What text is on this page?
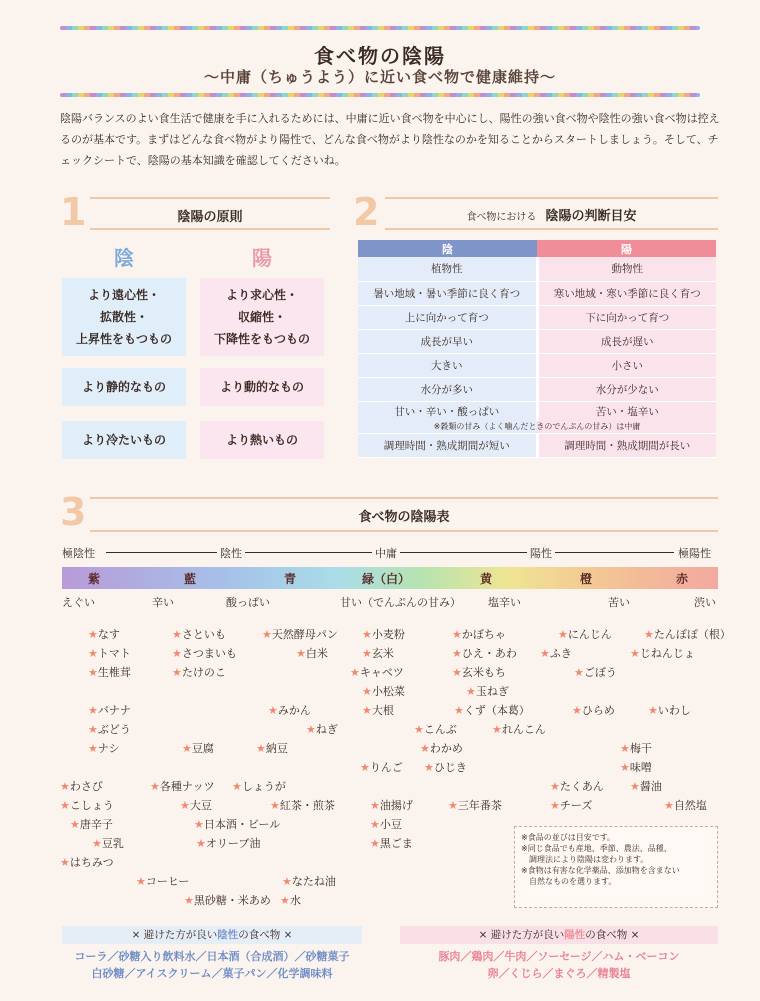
食べ物の陰陽
〜中庸（ちゅうよう）に近い食べ物で健康維持〜
陰陽バランスのよい食生活で健康を手に入れるためには、中庸に近い食べ物を中心にし、陽性の強い食べ物や陰性の強い食べ物は控えるのが基本です。まずはどんな食べ物がより陽性で、どんな食べ物がより陰性なのかを知ることからスタートしましょう。そして、チェックシートで、陰陽の基本知識を確認してくださいね。
1	陰陽の原則
陰	陽
より遠心性・
拡散性・
上昇性をもつもの
より求心性・
収縮性・
下降性をもつもの
より静的なもの	より動的なもの
より冷たいもの	より熱いもの
2	食べ物における 陰陽の判断目安
陰	陽
植物性	動物性
暑い地域・暑い季節に良く育つ	寒い地域・寒い季節に良く育つ
上に向かって育つ	下に向かって育つ
成長が早い	成長が遅い
大きい	小さい
水分が多い	水分が少ない
甘い・辛い・酸っぱい	苦い・塩辛い
※穀類の甘み（よく噛んだときのでんぷんの甘み）は中庸	
調理時間・熟成期間が短い	調理時間・熟成期間が長い
3	食べ物の陰陽表
極陰性	陰性	中庸	陽性	極陽性
紫	藍	青	緑（白）	黄	橙	赤
えぐい	辛い	酸っぱい	甘い（でんぷんの甘み） 塩辛い	苦い	渋い
★なす
★トマト
★生椎茸
★さといも
★さつまいも
★たけのこ
★天然酵母パン
★白米
★小麦粉
★玄米
★キャベツ
★小松菜
★かぼちゃ
★ひえ・あわ
★玄米もち
★玉ねぎ
★にんじん
★ふき
★ごぼう
★たんぽぽ（根）
★じねんじょ
★バナナ
★ぶどう
★ナシ
★みかん
★ねぎ
★大根	★くず（本葛）
★こんぶ	★れんこん
★ひらめ	★いわし
★豆腐	★納豆	★わかめ	★梅干
★りんご ★ひじき	★味噌
★わさび	★各種ナッツ ★しょうが
★こしょう	★大豆	★紅茶・煎茶	★油揚げ	★三年番茶
★たくあん ★醤油
★チーズ	★自然塩
★唐辛子	★日本酒・ビール	★小豆
★豆乳	★オリーブ油	★黒ごま
★はちみつ
★コーヒー	★なたね油
★黒砂糖・米あめ ★水
※食品の並びは目安です。
※同じ食品でも産地、季節、農法、品種、
　調理法により陰陽は変わります。
※食物は有害な化学薬品、添加物を含まない
　自然なものを選ります。
× 避けた方が良い陰性の食べ物 ×
コーラ／砂糖入り飲料水／日本酒（合成酒）／砂糖菓子
白砂糖／アイスクリーム／菓子パン／化学調味料
× 避けた方が良い陽性の食べ物 ×
豚肉／鶏肉／牛肉／ソーセージ／ハム・ベーコン
卵／くじら／まぐろ／精製塩
